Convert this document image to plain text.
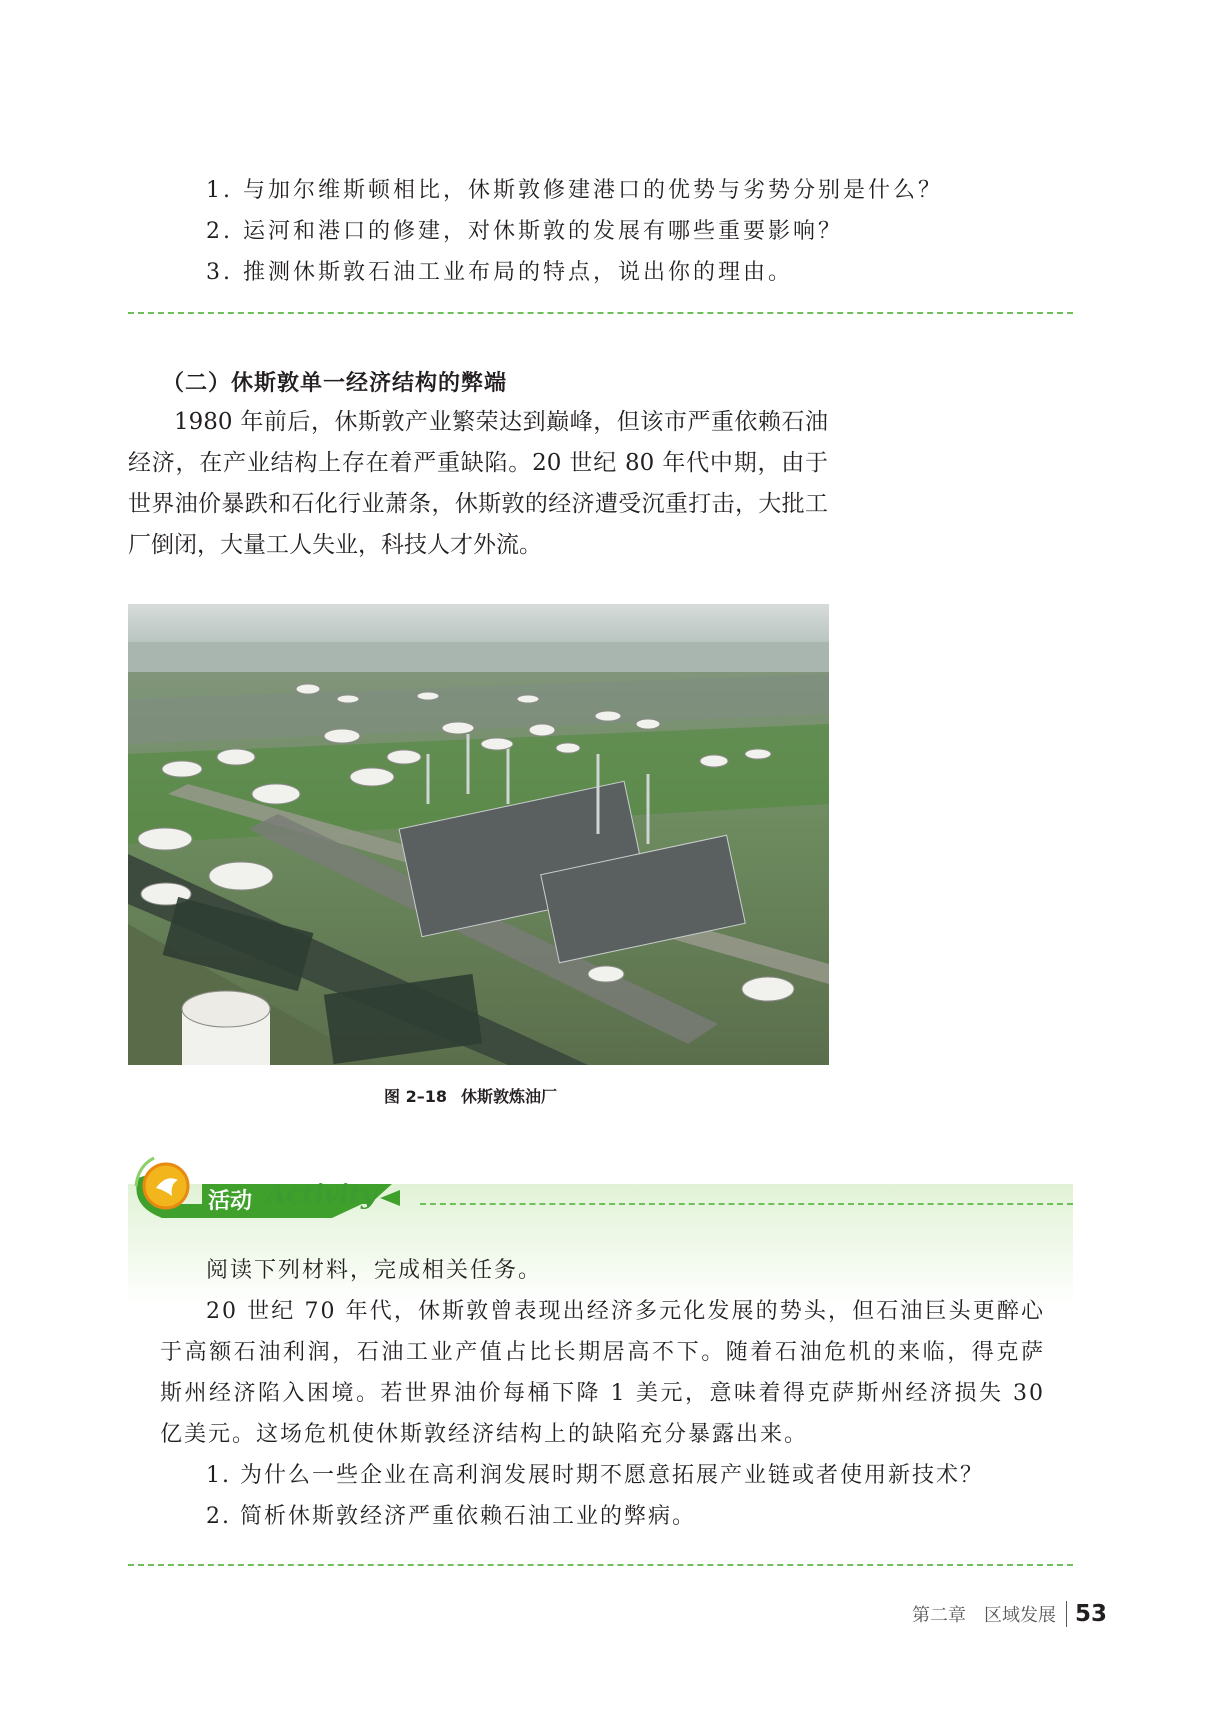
1. 与加尔维斯顿相比，休斯敦修建港口的优势与劣势分别是什么？
2. 运河和港口的修建，对休斯敦的发展有哪些重要影响？
3. 推测休斯敦石油工业布局的特点，说出你的理由。
（二）休斯敦单一经济结构的弊端

1980 年前后，休斯敦产业繁荣达到巅峰，但该市严重依赖石油经济，在产业结构上存在着严重缺陷。20 世纪 80 年代中期，由于世界油价暴跌和石化行业萧条，休斯敦的经济遭受沉重打击，大批工厂倒闭，大量工人失业，科技人才外流。

图 2–18 休斯敦炼油厂

活动 Activity

阅读下列材料，完成相关任务。

20 世纪 70 年代，休斯敦曾表现出经济多元化发展的势头，但石油巨头更醉心于高额石油利润，石油工业产值占比长期居高不下。随着石油危机的来临，得克萨斯州经济陷入困境。若世界油价每桶下降 1 美元，意味着得克萨斯州经济损失 30 亿美元。这场危机使休斯敦经济结构上的缺陷充分暴露出来。

1. 为什么一些企业在高利润发展时期不愿意拓展产业链或者使用新技术？

2. 简析休斯敦经济严重依赖石油工业的弊病。

第二章　区域发展 53
